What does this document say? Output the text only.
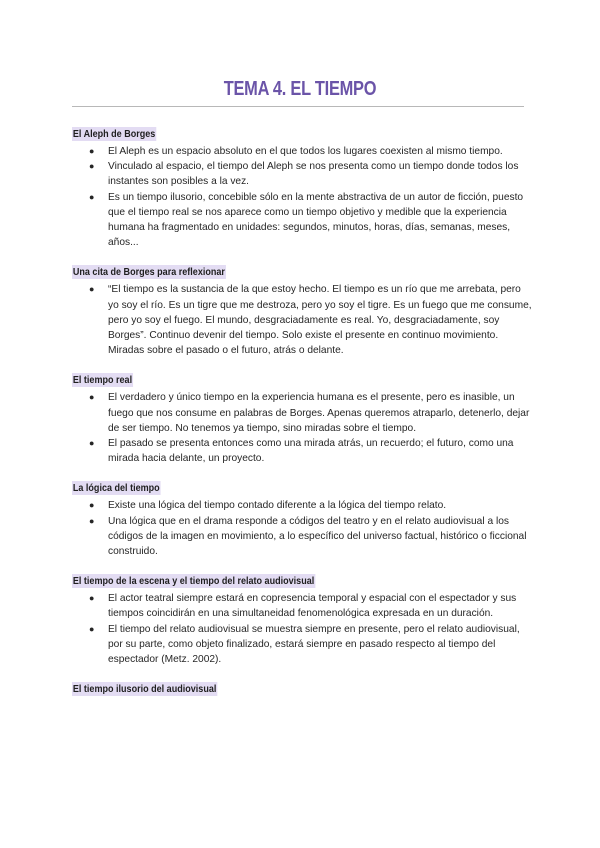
TEMA 4. EL TIEMPO
El Aleph de Borges
● El Aleph es un espacio absoluto en el que todos los lugares coexisten al mismo tiempo.
● Vinculado al espacio, el tiempo del Aleph se nos presenta como un tiempo donde todos los instantes son posibles a la vez.
● Es un tiempo ilusorio, concebible sólo en la mente abstractiva de un autor de ficción, puesto que el tiempo real se nos aparece como un tiempo objetivo y medible que la experiencia humana ha fragmentado en unidades: segundos, minutos, horas, días, semanas, meses, años...
Una cita de Borges para reflexionar
● “El tiempo es la sustancia de la que estoy hecho. El tiempo es un río que me arrebata, pero yo soy el río. Es un tigre que me destroza, pero yo soy el tigre. Es un fuego que me consume, pero yo soy el fuego. El mundo, desgraciadamente es real. Yo, desgraciadamente, soy Borges”. Continuo devenir del tiempo. Solo existe el presente en continuo movimiento. Miradas sobre el pasado o el futuro, atrás o delante.
El tiempo real
● El verdadero y único tiempo en la experiencia humana es el presente, pero es inasible, un fuego que nos consume en palabras de Borges. Apenas queremos atraparlo, detenerlo, dejar de ser tiempo. No tenemos ya tiempo, sino miradas sobre el tiempo.
● El pasado se presenta entonces como una mirada atrás, un recuerdo; el futuro, como una mirada hacia delante, un proyecto.
La lógica del tiempo
● Existe una lógica del tiempo contado diferente a la lógica del tiempo relato.
● Una lógica que en el drama responde a códigos del teatro y en el relato audiovisual a los códigos de la imagen en movimiento, a lo específico del universo factual, histórico o ficcional construido.
El tiempo de la escena y el tiempo del relato audiovisual
● El actor teatral siempre estará en copresencia temporal y espacial con el espectador y sus tiempos coincidirán en una simultaneidad fenomenológica expresada en un duración.
● El tiempo del relato audiovisual se muestra siempre en presente, pero el relato audiovisual, por su parte, como objeto finalizado, estará siempre en pasado respecto al tiempo del espectador (Metz. 2002).
El tiempo ilusorio del audiovisual
